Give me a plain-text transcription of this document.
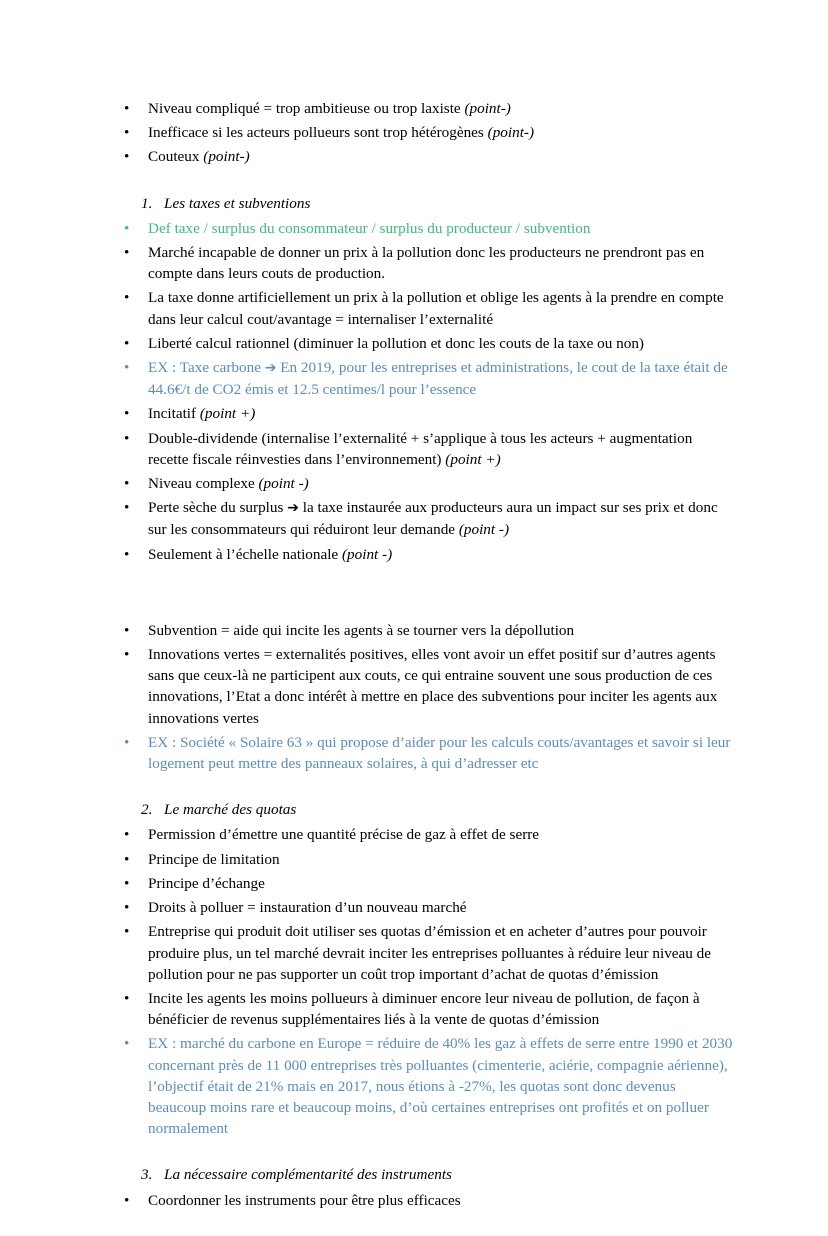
•	Niveau compliqué = trop ambitieuse ou trop laxiste (point-)
•	Inefficace si les acteurs pollueurs sont trop hétérogènes (point-)
•	Couteux (point-)
1. Les taxes et subventions
•	Def taxe / surplus du consommateur / surplus du producteur / subvention
•	Marché incapable de donner un prix à la pollution donc les producteurs ne prendront pas en compte dans leurs couts de production.
•	La taxe donne artificiellement un prix à la pollution et oblige les agents à la prendre en compte dans leur calcul cout/avantage = internaliser l’externalité
•	Liberté calcul rationnel (diminuer la pollution et donc les couts de la taxe ou non)
•	EX : Taxe carbone ➔ En 2019, pour les entreprises et administrations, le cout de la taxe était de 44.6€/t de CO2 émis et 12.5 centimes/l pour l’essence
•	Incitatif (point +)
•	Double-dividende (internalise l’externalité + s’applique à tous les acteurs + augmentation recette fiscale réinvesties dans l’environnement) (point +)
•	Niveau complexe (point -)
•	Perte sèche du surplus ➔ la taxe instaurée aux producteurs aura un impact sur ses prix et donc sur les consommateurs qui réduiront leur demande (point -)
•	Seulement à l’échelle nationale (point -)
•	Subvention = aide qui incite les agents à se tourner vers la dépollution
•	Innovations vertes = externalités positives, elles vont avoir un effet positif sur d’autres agents sans que ceux-là ne participent aux couts, ce qui entraine souvent une sous production de ces innovations, l’Etat a donc intérêt à mettre en place des subventions pour inciter les agents aux innovations vertes
•	EX : Société « Solaire 63 » qui propose d’aider pour les calculs couts/avantages et savoir si leur logement peut mettre des panneaux solaires, à qui d’adresser etc
2. Le marché des quotas
•	Permission d’émettre une quantité précise de gaz à effet de serre
•	Principe de limitation
•	Principe d’échange
•	Droits à polluer = instauration d’un nouveau marché
•	Entreprise qui produit doit utiliser ses quotas d’émission et en acheter d’autres pour pouvoir produire plus, un tel marché devrait inciter les entreprises polluantes à réduire leur niveau de pollution pour ne pas supporter un coût trop important d’achat de quotas d’émission
•	Incite les agents les moins pollueurs à diminuer encore leur niveau de pollution, de façon à bénéficier de revenus supplémentaires liés à la vente de quotas d’émission
•	EX : marché du carbone en Europe = réduire de 40% les gaz à effets de serre entre 1990 et 2030 concernant près de 11 000 entreprises très polluantes (cimenterie, aciérie, compagnie aérienne), l’objectif était de 21% mais en 2017, nous étions à -27%, les quotas sont donc devenus beaucoup moins rare et beaucoup moins, d’où certaines entreprises ont profités et on polluer normalement
3. La nécessaire complémentarité des instruments
•	Coordonner les instruments pour être plus efficaces
